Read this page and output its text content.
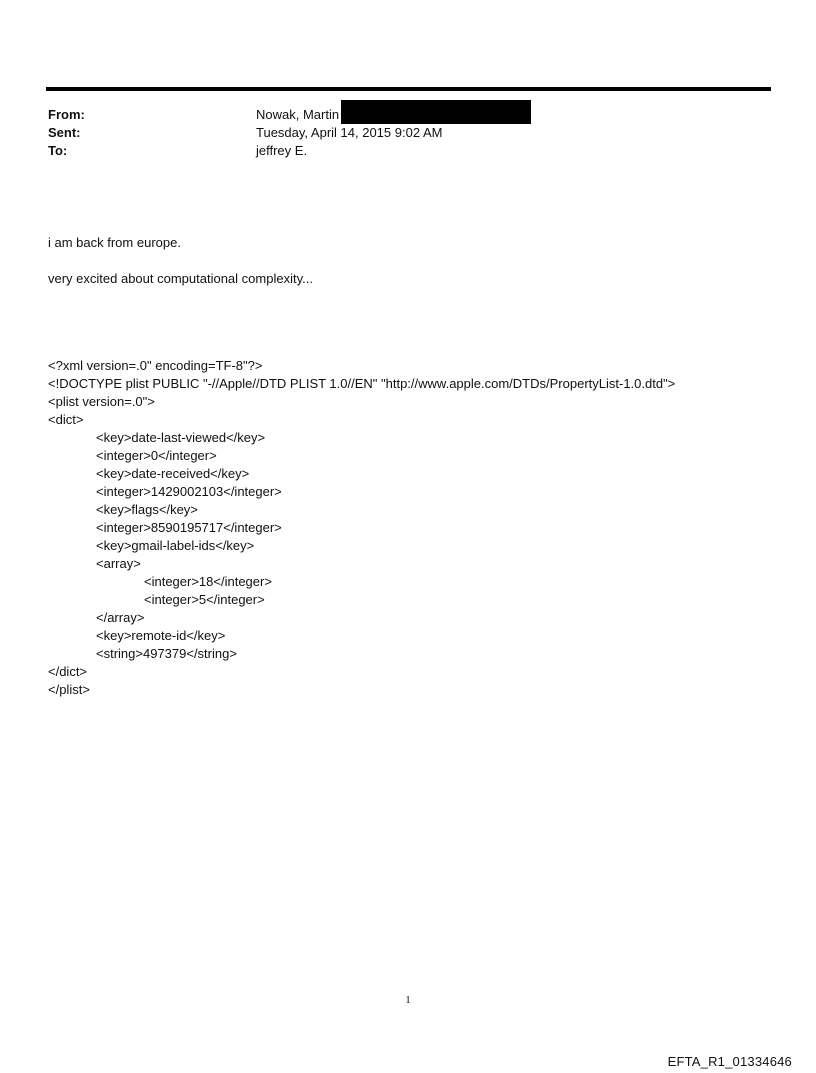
From:	Nowak, Martin
Sent:	Tuesday, April 14, 2015 9:02 AM
To:	jeffrey E.

i am back from europe.

very excited about computational complexity...

<?xml version=.0" encoding=TF-8"?>
<!DOCTYPE plist PUBLIC "-//Apple//DTD PLIST 1.0//EN" "http://www.apple.com/DTDs/PropertyList-1.0.dtd">
<plist version=.0">
<dict>
<key>date-last-viewed</key>
<integer>0</integer>
<key>date-received</key>
<integer>1429002103</integer>
<key>flags</key>
<integer>8590195717</integer>
<key>gmail-label-ids</key>
<array>
<integer>18</integer>
<integer>5</integer>
</array>
<key>remote-id</key>
<string>497379</string>
</dict>
</plist>
1
EFTA_R1_01334646
